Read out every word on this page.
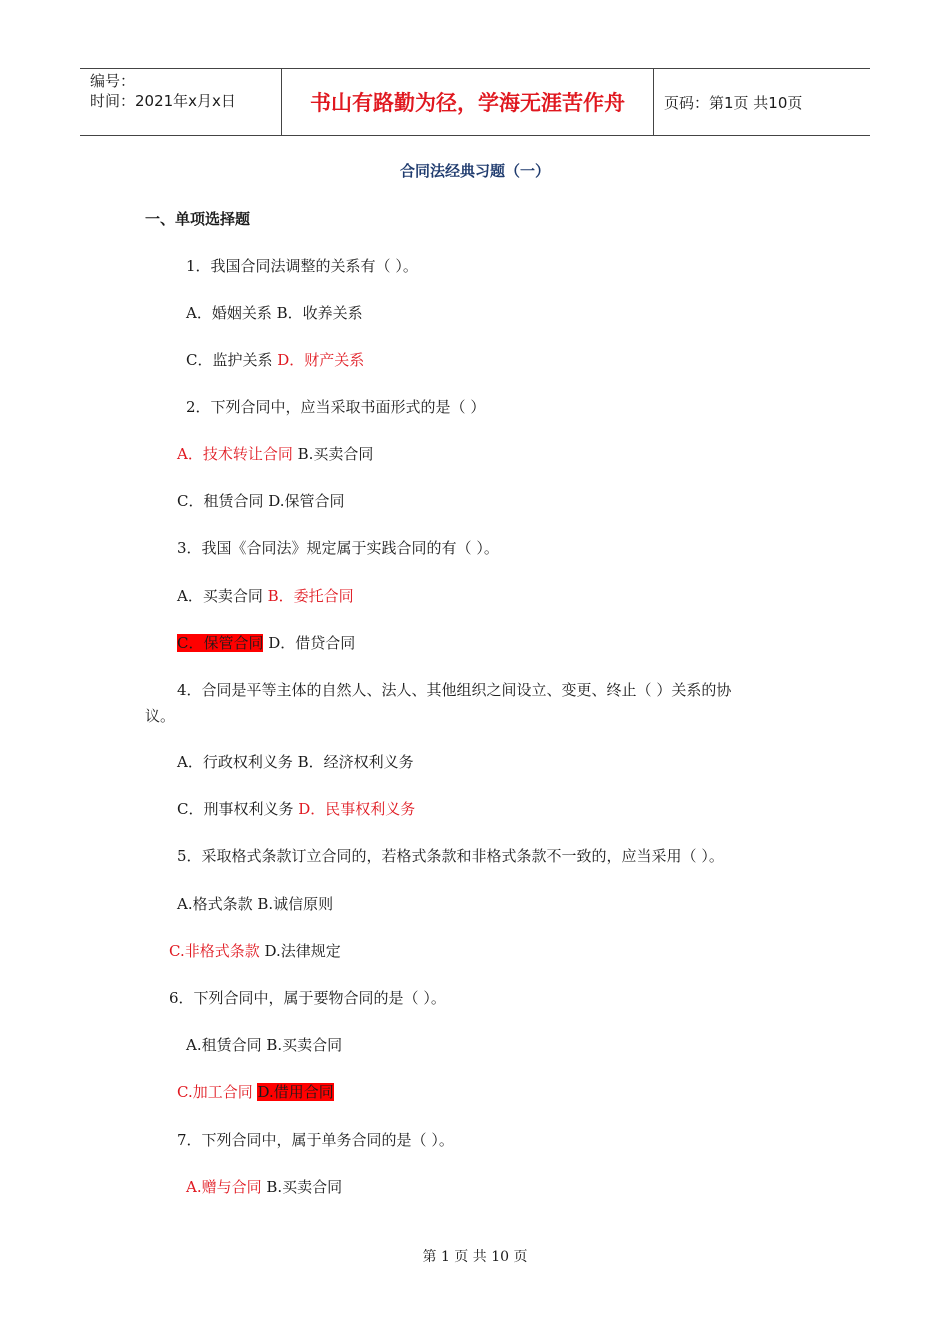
编号：
时间：2021年x月x日	书山有路勤为径，学海无涯苦作舟	页码：第1页 共10页
合同法经典习题（一）
一、单项选择题
1．我国合同法调整的关系有（ ）。
A．婚姻关系 B．收养关系
C．监护关系 D．财产关系
2．下列合同中，应当采取书面形式的是（ ）
A．技术转让合同 B.买卖合同
C．租赁合同 D.保管合同
3．我国《合同法》规定属于实践合同的有（ ）。
A．买卖合同 B．委托合同
C．保管合同 D．借贷合同
4．合同是平等主体的自然人、法人、其他组织之间设立、变更、终止（ ）关系的协
议。
A．行政权利义务 B．经济权利义务
C．刑事权利义务 D．民事权利义务
5．采取格式条款订立合同的，若格式条款和非格式条款不一致的，应当采用（ ）。
A.格式条款 B.诚信原则
C.非格式条款 D.法律规定
6．下列合同中，属于要物合同的是（ ）。
A.租赁合同 B.买卖合同
C.加工合同 D.借用合同
7．下列合同中，属于单务合同的是（ ）。
A.赠与合同 B.买卖合同
第 1 页 共 10 页
